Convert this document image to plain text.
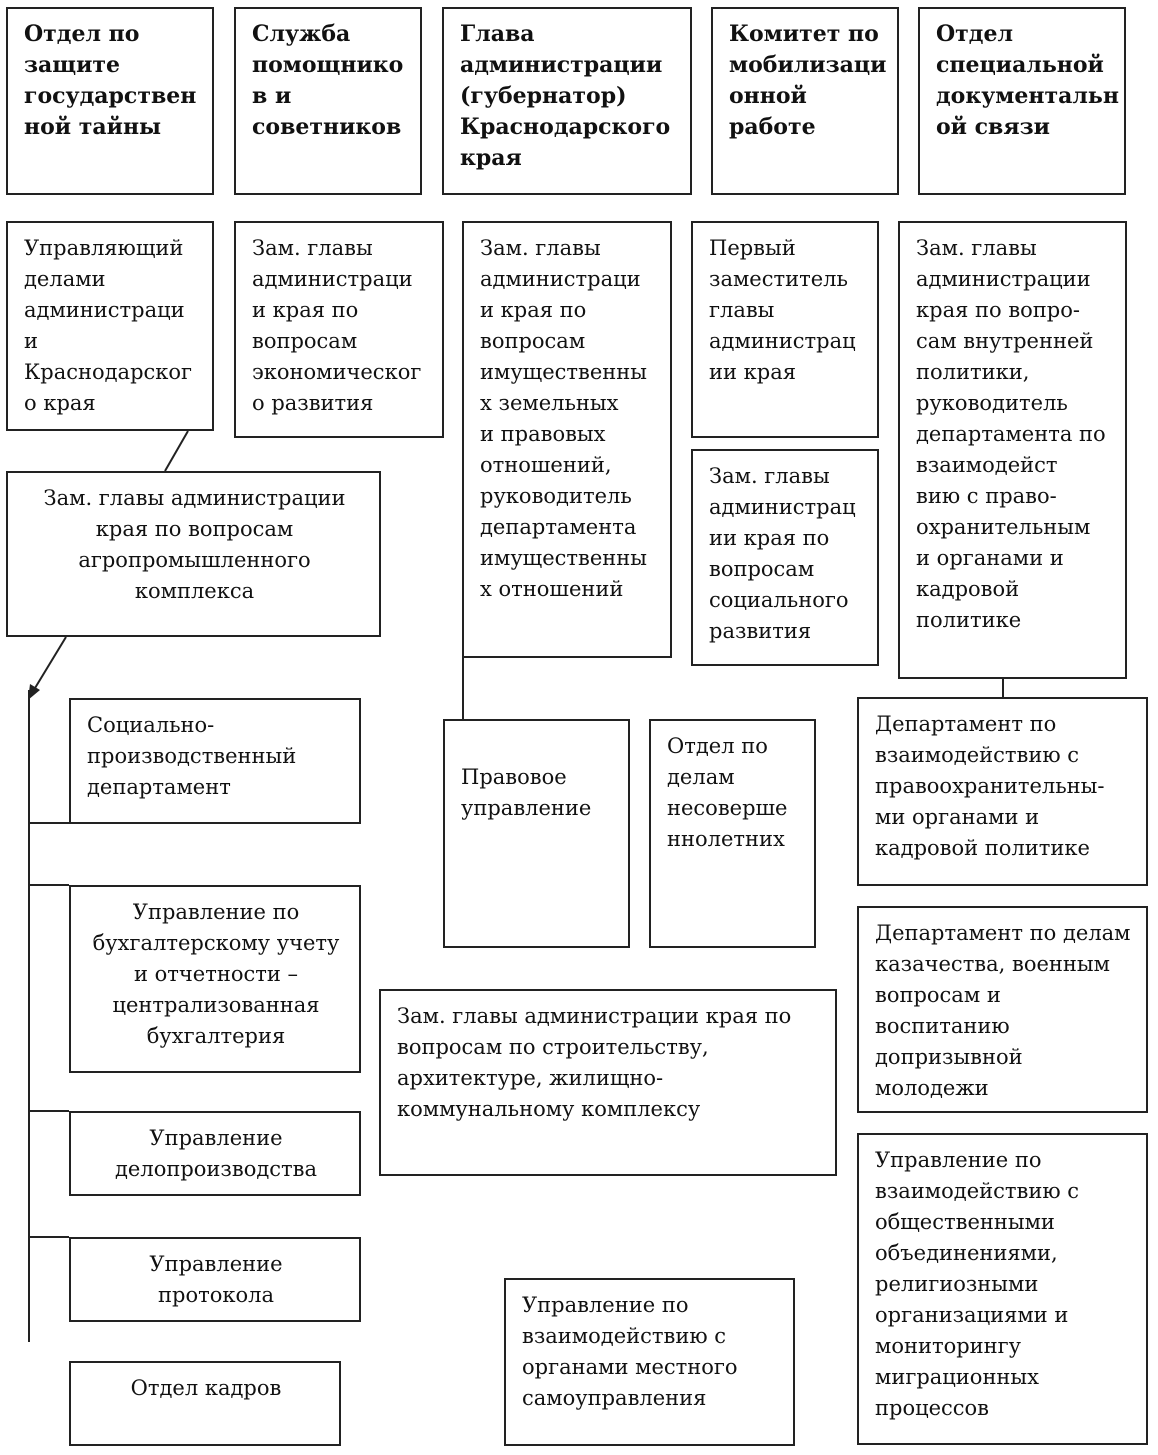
Отдел по
защите
государствен
ной тайны
Служба
помощнико
в и
советников
Глава
администрации
(губернатор)
Краснодарского
края
Комитет по
мобилизаци
онной
работе
Отдел
специальной
документальн
ой связи
Управляющий
делами
администраци
и
Краснодарског
о края
Зам. главы
администраци
и края по
вопросам
экономическог
о развития
Зам. главы
администраци
и края по
вопросам
имущественны
х земельных
и правовых
отношений,
руководитель
департамента
имущественны
х отношений
Первый
заместитель
главы
администрац
ии края
Зам. главы
администрац
ии края по
вопросам
социального
развития
Зам. главы
администрации
края по вопро-
сам внутренней
политики,
руководитель
департамента по
взаимодейст
вию с право-
охранительным
и органами и
кадровой
политике
Зам. главы администрации
края по вопросам
агропромышленного
комплекса
Социально-
производственный
департамент
Управление по
бухгалтерскому учету
и отчетности –
централизованная
бухгалтерия
Управление
делопроизводства
Управление
протокола
Отдел кадров
Правовое
управление
Отдел по
делам
несоверше
ннолетних
Зам. главы администрации края по
вопросам по строительству,
архитектуре, жилищно-
коммунальному комплексу
Управление по
взаимодействию с
органами местного
самоуправления
Департамент по
взаимодействию с
правоохранительны-
ми органами и
кадровой политике
Департамент по делам
казачества, военным
вопросам и
воспитанию
допризывной
молодежи
Управление по
взаимодействию с
общественными
объединениями,
религиозными
организациями и
мониторингу
миграционных
процессов
